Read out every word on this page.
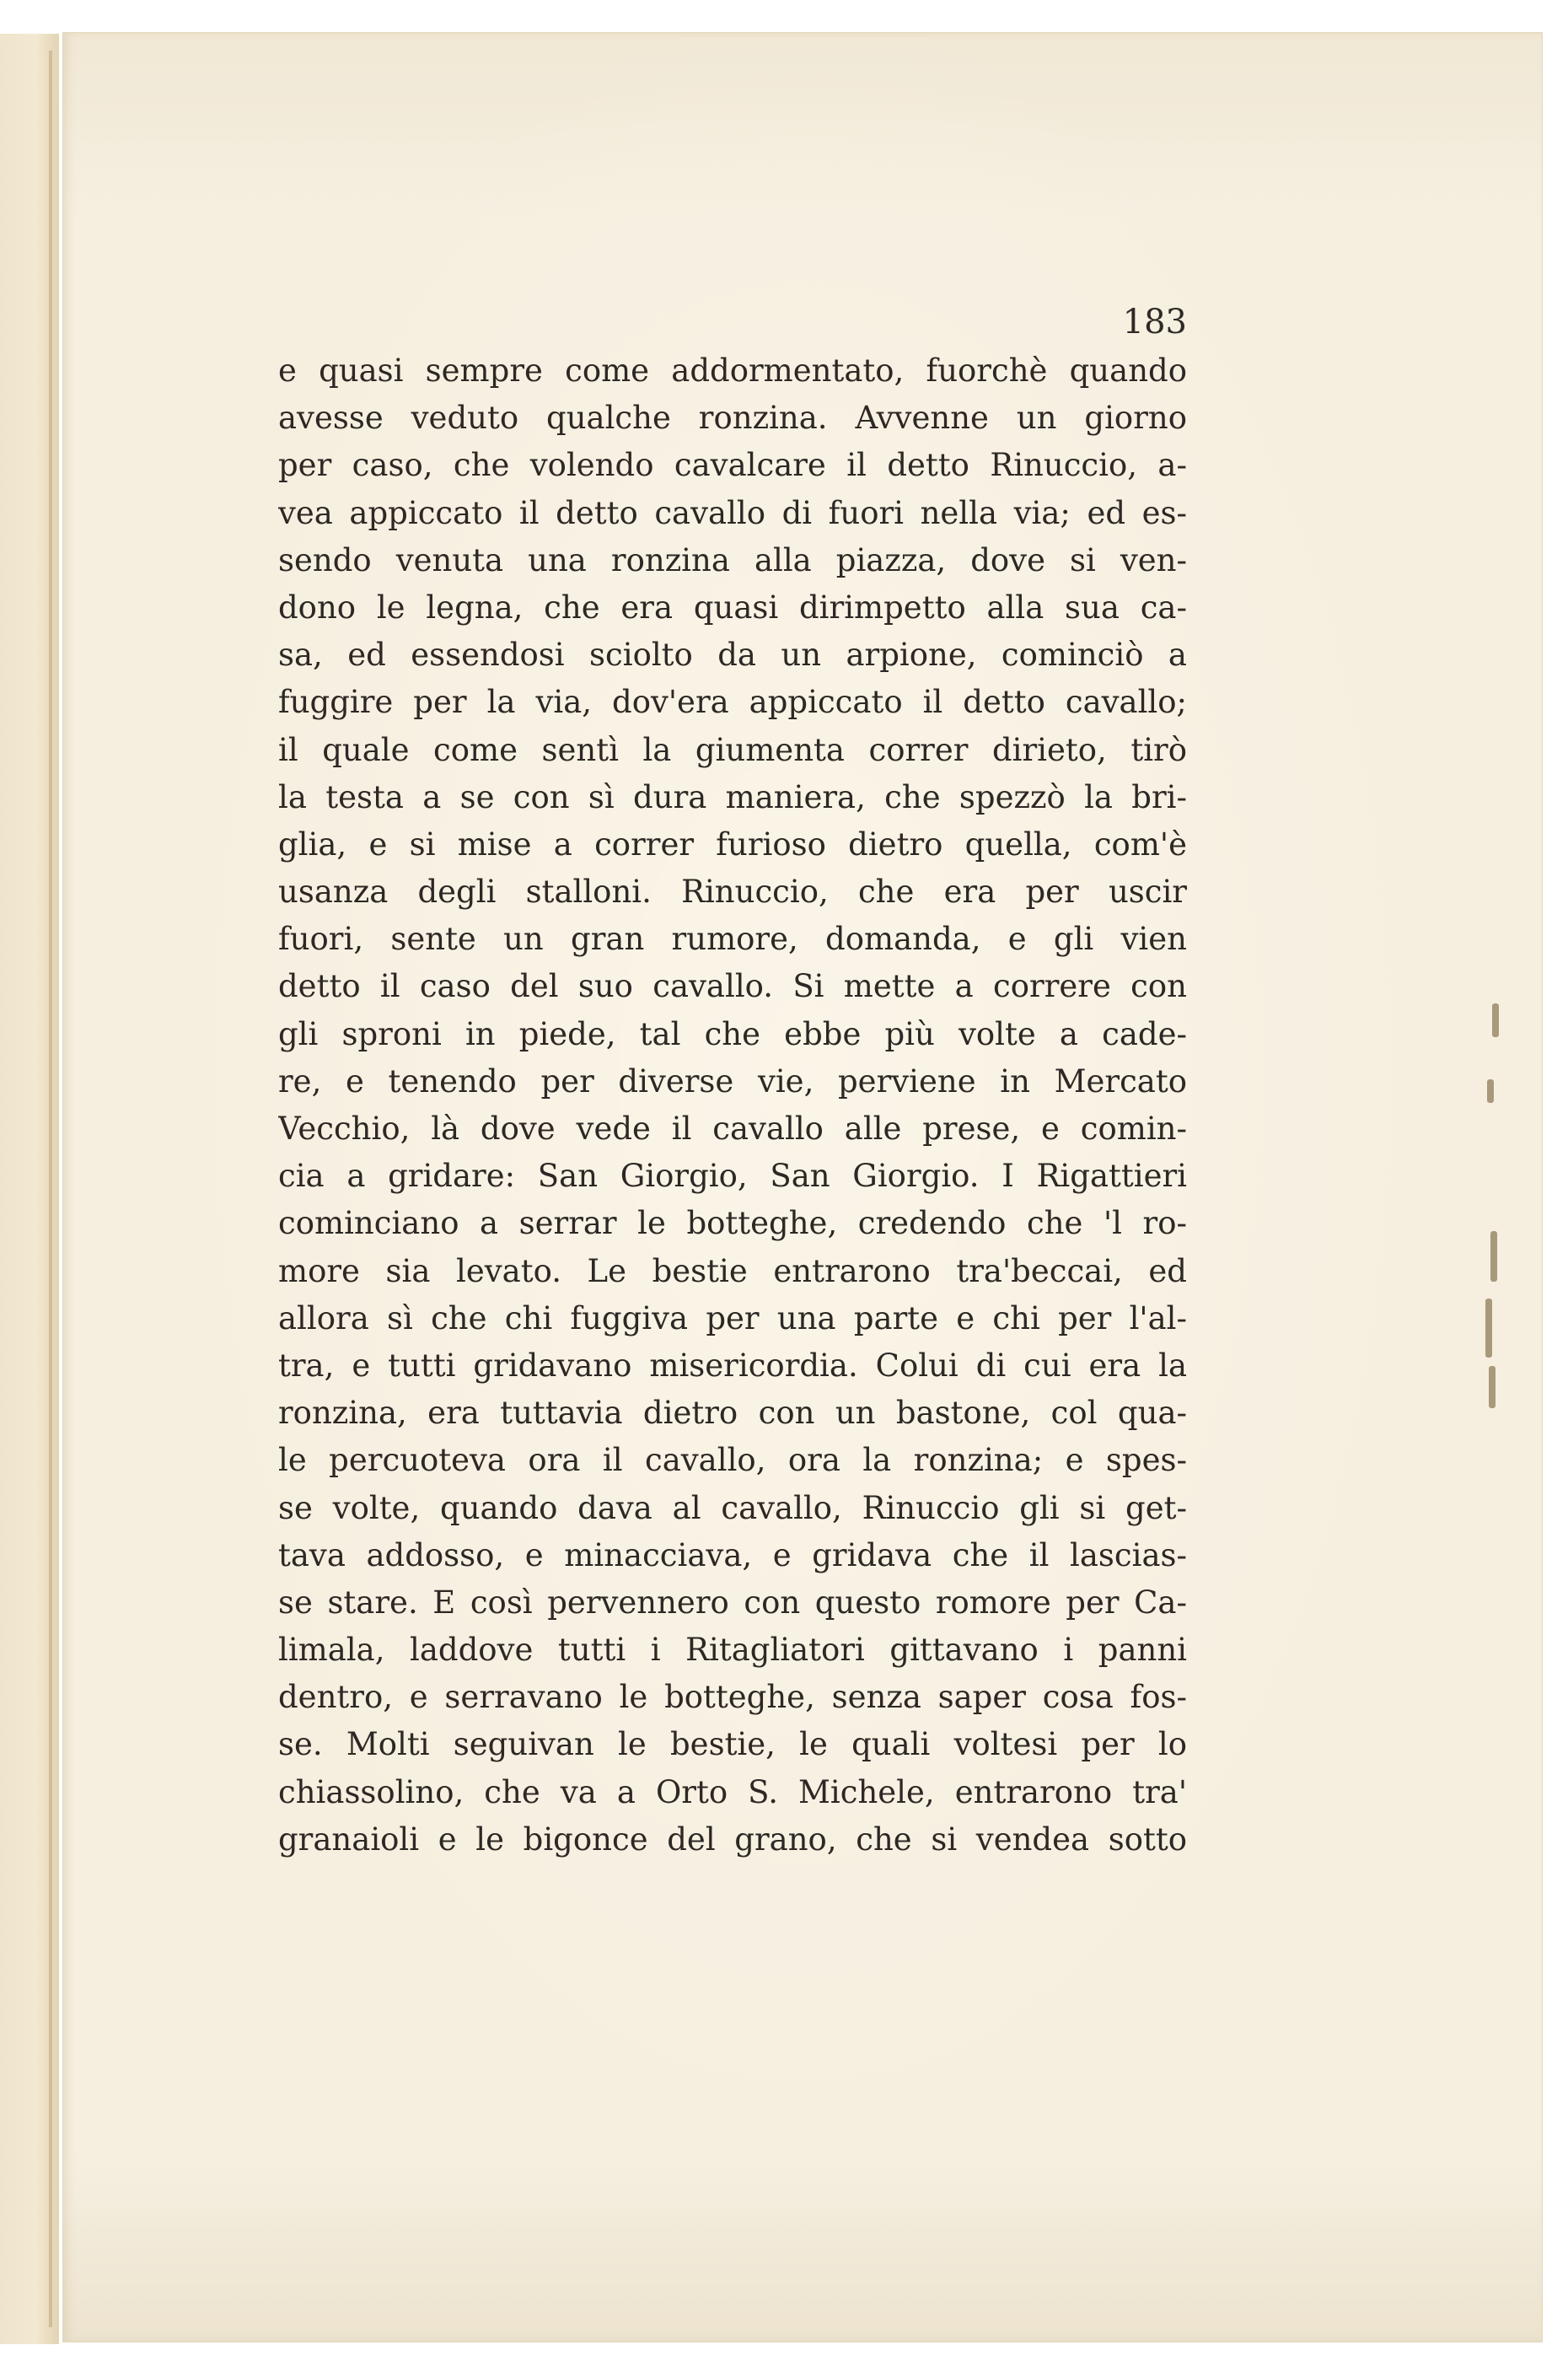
183
e quasi sempre come addormentato, fuorchè quando
avesse veduto qualche ronzina. Avvenne un giorno
per caso, che volendo cavalcare il detto Rinuccio, a-
vea appiccato il detto cavallo di fuori nella via; ed es-
sendo venuta una ronzina alla piazza, dove si ven-
dono le legna, che era quasi dirimpetto alla sua ca-
sa, ed essendosi sciolto da un arpione, cominciò a
fuggire per la via, dov'era appiccato il detto cavallo;
il quale come sentì la giumenta correr dirieto, tirò
la testa a se con sì dura maniera, che spezzò la bri-
glia, e si mise a correr furioso dietro quella, com'è
usanza degli stalloni. Rinuccio, che era per uscir
fuori, sente un gran rumore, domanda, e gli vien
detto il caso del suo cavallo. Si mette a correre con
gli sproni in piede, tal che ebbe più volte a cade-
re, e tenendo per diverse vie, perviene in Mercato
Vecchio, là dove vede il cavallo alle prese, e comin-
cia a gridare: San Giorgio, San Giorgio. I Rigattieri
cominciano a serrar le botteghe, credendo che 'l ro-
more sia levato. Le bestie entrarono tra'beccai, ed
allora sì che chi fuggiva per una parte e chi per l'al-
tra, e tutti gridavano misericordia. Colui di cui era la
ronzina, era tuttavia dietro con un bastone, col qua-
le percuoteva ora il cavallo, ora la ronzina; e spes-
se volte, quando dava al cavallo, Rinuccio gli si get-
tava addosso, e minacciava, e gridava che il lascias-
se stare. E così pervennero con questo romore per Ca-
limala, laddove tutti i Ritagliatori gittavano i panni
dentro, e serravano le botteghe, senza saper cosa fos-
se. Molti seguivan le bestie, le quali voltesi per lo
chiassolino, che va a Orto S. Michele, entrarono tra'
granaioli e le bigonce del grano, che si vendea sotto
